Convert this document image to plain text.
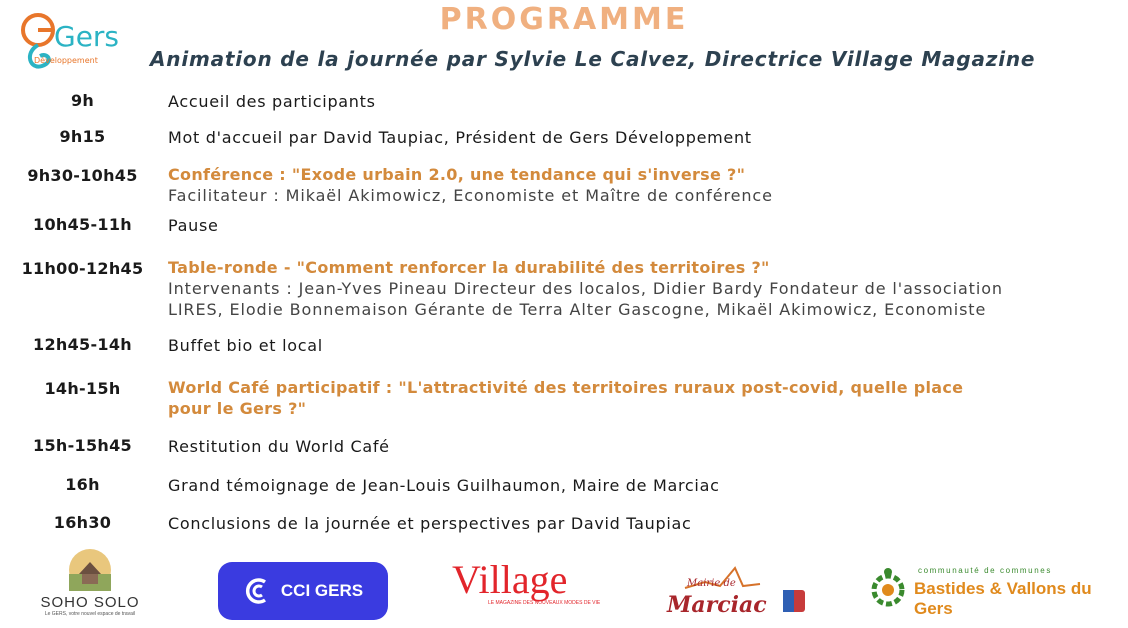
Gers
Développement
PROGRAMME
Animation de la journée par Sylvie Le Calvez, Directrice Village Magazine
9h	Accueil des participants
9h15	Mot d'accueil par David Taupiac, Président de Gers Développement
9h30-10h45	Conférence : "Exode urbain 2.0, une tendance qui s'inverse ?"
Facilitateur : Mikaël Akimowicz, Economiste et Maître de conférence
10h45-11h	Pause
11h00-12h45	Table-ronde - "Comment renforcer la durabilité des territoires ?"
Intervenants : Jean-Yves Pineau Directeur des localos, Didier Bardy Fondateur de l'association
LIRES, Elodie Bonnemaison Gérante de Terra Alter Gascogne, Mikaël Akimowicz, Economiste
12h45-14h	Buffet bio et local
14h-15h	World Café participatif : "L'attractivité des territoires ruraux post-covid, quelle place
pour le Gers ?"
15h-15h45	Restitution du World Café
16h	Grand témoignage de Jean-Louis Guilhaumon, Maire de Marciac
16h30	Conclusions de la journée et perspectives par David Taupiac
SOHO SOLO
Le GERS, votre nouvel espace de travail
CCI GERS Village
LE MAGAZINE DES NOUVEAUX MODES DE VIE
Mairie de
Marciac
communauté de communes
Bastides & Vallons du Gers
